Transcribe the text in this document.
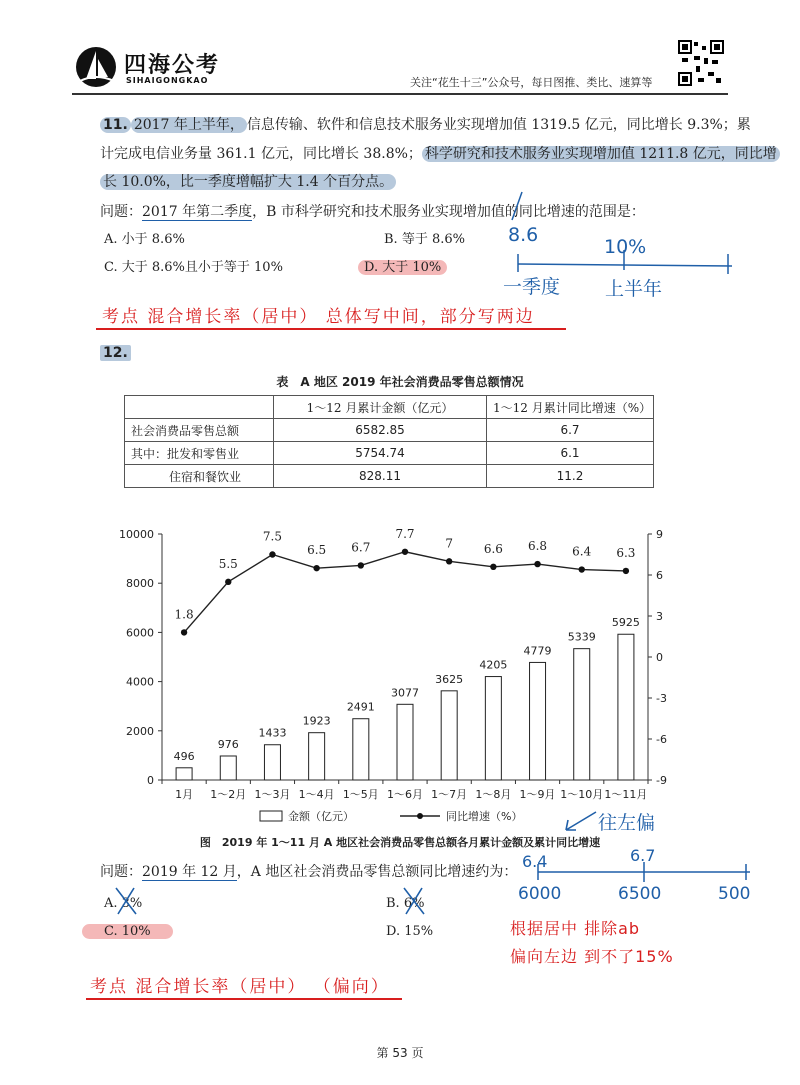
四海公考
SIHAIGONGKAO	关注“花生十三”公众号，每日图推、类比、速算等
11. 2017 年上半年， 信息传输、软件和信息技术服务业实现增加值 1319.5 亿元，同比增长 9.3%；累
计完成电信业务量 361.1 亿元，同比增长 38.8%； 科学研究和技术服务业实现增加值 1211.8 亿元，同比增
长 10.0%，比一季度增幅扩大 1.4 个百分点。
问题：2017 年第二季度，B 市科学研究和技术服务业实现增加值的同比增速的范围是：
A. 小于 8.6%	B. 等于 8.6%
C. 大于 8.6%且小于等于 10%	D. 大于 10%
8.6
10%
一季度 上半年
考点 混合增长率（居中） 总体写中间，部分写两边
12.
表　A 地区 2019 年社会消费品零售总额情况
	1～12 月累计金额（亿元）	1～12 月累计同比增速（%）
社会消费品零售总额	6582.85	6.7
其中：批发和零售业	5754.74	6.1
住宿和餐饮业	828.11	11.2
0
2000
4000
6000
8000
10000
-9
-6
-3
0
3
6
9
496
1月
976
1～2月
1433
1～3月
1923
1～4月
2491
1～5月
3077
1～6月
3625
1～7月
4205
1～8月
4779
1～9月
5339
1～10月
5925
1～11月
1.8
5.5
7.5
6.5 6.7
7.7
7	6.6 6.8 6.4 6.3
金额（亿元）	同比增速（%）
图　2019 年 1～11 月 A 地区社会消费品零售总额各月累计金额及累计同比增速
问题：2019 年 12 月，A 地区社会消费品零售总额同比增速约为：
A. 3%	B. 6%
C. 10%	D. 15%
往左偏
6.4	6.7
6000	6500	500
根据居中 排除ab
偏向左边 到不了15%
考点 混合增长率（居中） （偏向）
第 53 页
